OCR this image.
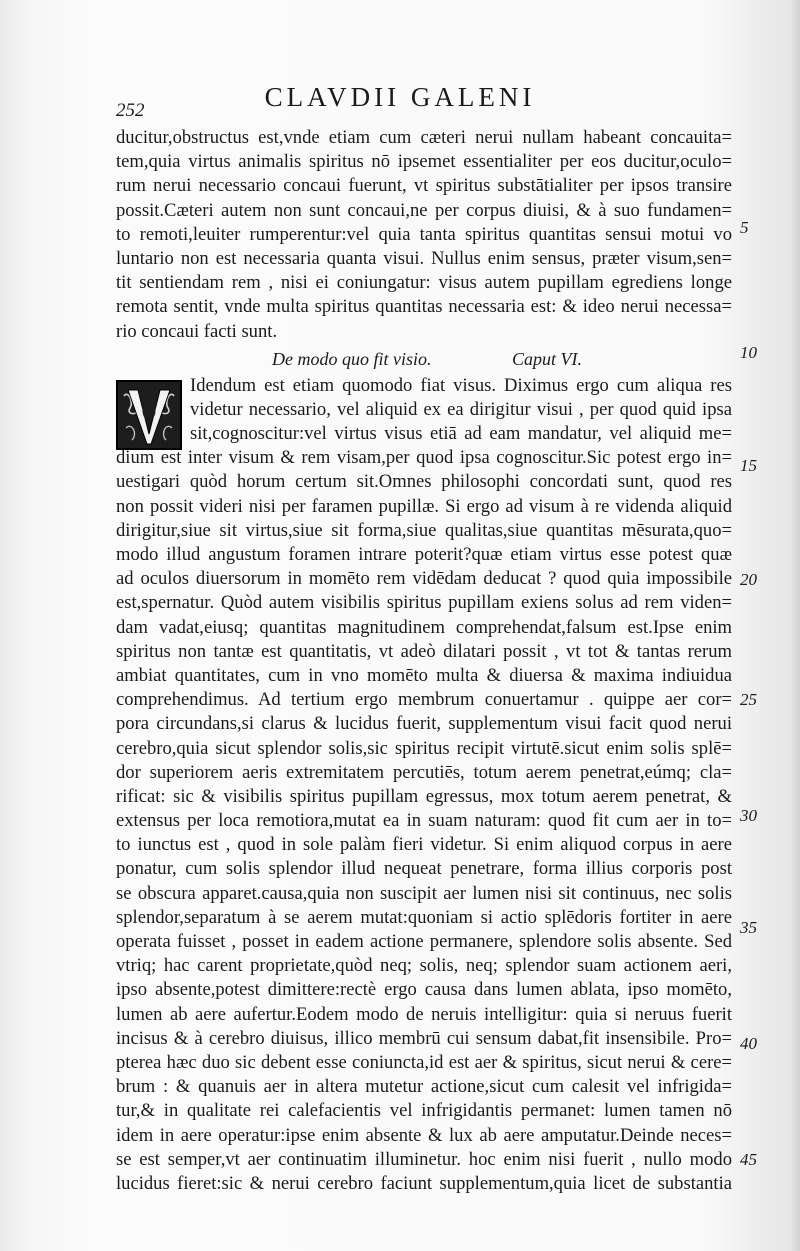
252	CLAVDII GALENI
ducitur,obstructus est,vnde etiam cum cæteri nerui nullam habeant concauita=
tem,quia virtus animalis spiritus nō ipsemet essentialiter per eos ducitur,oculo=
rum nerui necessario concaui fuerunt, vt spiritus substātialiter per ipsos transire
possit.Cæteri autem non sunt concaui,ne per corpus diuisi, & à suo fundamen=
to remoti,leuiter rumperentur:vel quia tanta spiritus quantitas sensui motui vo
luntario non est necessaria quanta visui. Nullus enim sensus, præter visum,sen=
tit sentiendam rem , nisi ei coniungatur: visus autem pupillam egrediens longe
remota sentit, vnde multa spiritus quantitas necessaria est: & ideo nerui necessa=
rio concaui facti sunt.
De modo quo fit visio.	Caput VI.
Idendum est etiam quomodo fiat visus. Diximus ergo cum aliqua res
videtur necessario, vel aliquid ex ea dirigitur visui , per quod quid ipsa
sit,cognoscitur:vel virtus visus etiā ad eam mandatur, vel aliquid me=
dium est inter visum & rem visam,per quod ipsa cognoscitur.Sic potest ergo in=
uestigari quòd horum certum sit.Omnes philosophi concordati sunt, quod res
non possit videri nisi per faramen pupillæ. Si ergo ad visum à re videnda aliquid
dirigitur,siue sit virtus,siue sit forma,siue qualitas,siue quantitas mēsurata,quo=
modo illud angustum foramen intrare poterit?quæ etiam virtus esse potest quæ
ad oculos diuersorum in momēto rem vidēdam deducat ? quod quia impossibile
est,spernatur. Quòd autem visibilis spiritus pupillam exiens solus ad rem viden=
dam vadat,eiusq; quantitas magnitudinem comprehendat,falsum est.Ipse enim
spiritus non tantæ est quantitatis, vt adeò dilatari possit , vt tot & tantas rerum
ambiat quantitates, cum in vno momēto multa & diuersa & maxima indiuidua
comprehendimus. Ad tertium ergo membrum conuertamur . quippe aer cor=
pora circundans,si clarus & lucidus fuerit, supplementum visui facit quod nerui
cerebro,quia sicut splendor solis,sic spiritus recipit virtutē.sicut enim solis splē=
dor superiorem aeris extremitatem percutiēs, totum aerem penetrat,eúmq; cla=
rificat: sic & visibilis spiritus pupillam egressus, mox totum aerem penetrat, &
extensus per loca remotiora,mutat ea in suam naturam: quod fit cum aer in to=
to iunctus est , quod in sole palàm fieri videtur. Si enim aliquod corpus in aere
ponatur, cum solis splendor illud nequeat penetrare, forma illius corporis post
se obscura apparet.causa,quia non suscipit aer lumen nisi sit continuus, nec solis
splendor,separatum à se aerem mutat:quoniam si actio splēdoris fortiter in aere
operata fuisset , posset in eadem actione permanere, splendore solis absente. Sed
vtriq; hac carent proprietate,quòd neq; solis, neq; splendor suam actionem aeri,
ipso absente,potest dimittere:rectè ergo causa dans lumen ablata, ipso momēto,
lumen ab aere aufertur.Eodem modo de neruis intelligitur: quia si neruus fuerit
incisus & à cerebro diuisus, illico membrū cui sensum dabat,fit insensibile. Pro=
pterea hæc duo sic debent esse coniuncta,id est aer & spiritus, sicut nerui & cere=
brum : & quanuis aer in altera mutetur actione,sicut cum calesit vel infrigida=
tur,& in qualitate rei calefacientis vel infrigidantis permanet: lumen tamen nō
idem in aere operatur:ipse enim absente & lux ab aere amputatur.Deinde neces=
se est semper,vt aer continuatim illuminetur. hoc enim nisi fuerit , nullo modo
lucidus fieret:sic & nerui cerebro faciunt supplementum,quia licet de substantia
5
10
15
20
25
30
35
40
45
